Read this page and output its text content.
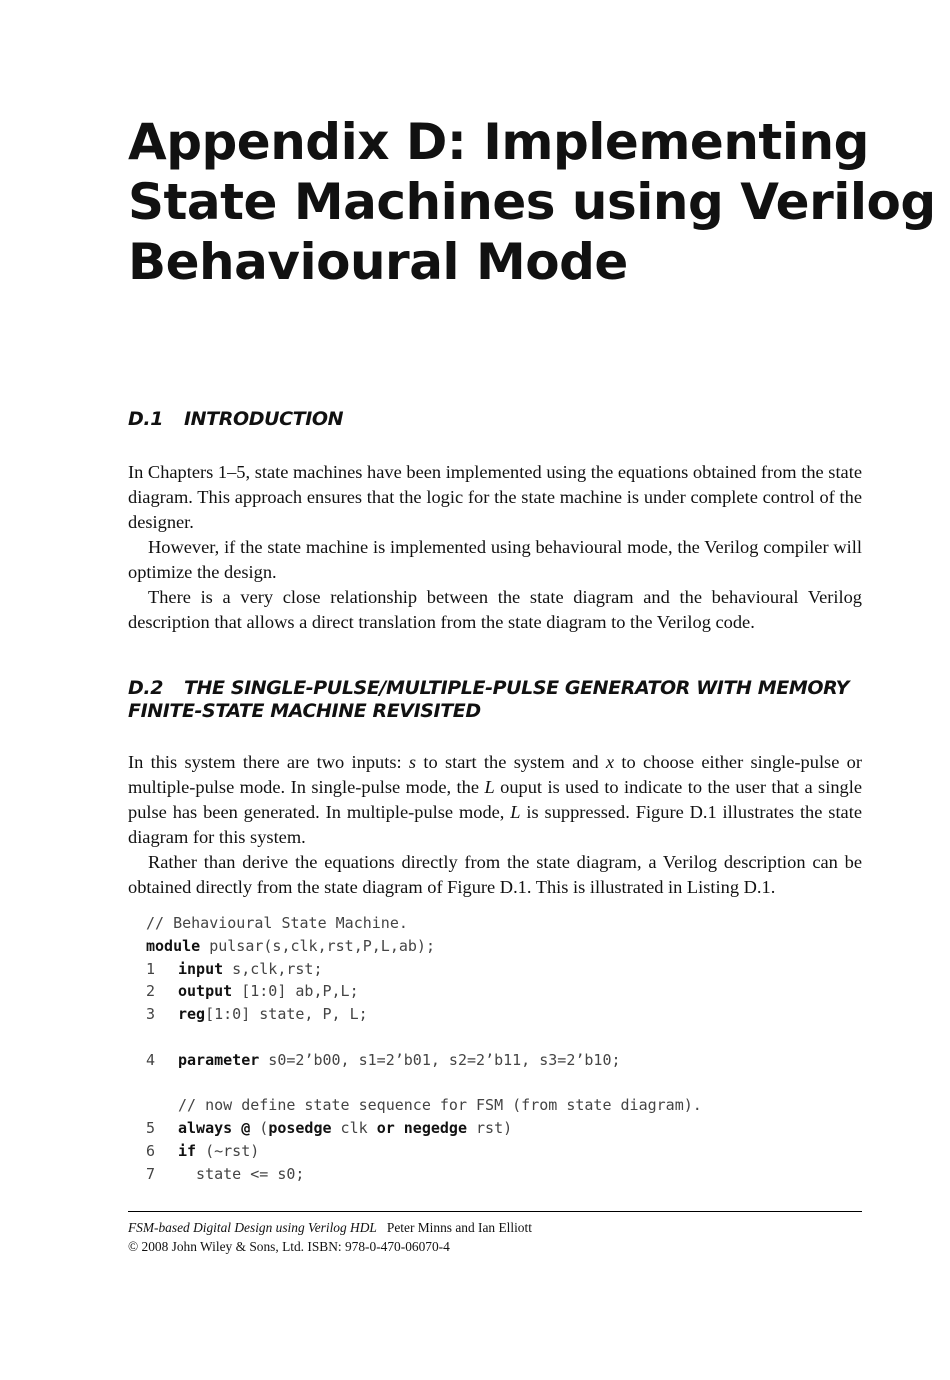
Appendix D: Implementing
State Machines using Verilog
Behavioural Mode
D.1 INTRODUCTION

In Chapters 1–5, state machines have been implemented using the equations obtained from the state diagram. This approach ensures that the logic for the state machine is under complete control of the designer.

However, if the state machine is implemented using behavioural mode, the Verilog compiler will optimize the design.

There is a very close relationship between the state diagram and the behavioural Verilog description that allows a direct translation from the state diagram to the Verilog code.

D.2 THE SINGLE-PULSE/MULTIPLE-PULSE GENERATOR WITH MEMORY
FINITE-STATE MACHINE REVISITED

In this system there are two inputs: s to start the system and x to choose either single-pulse or multiple-pulse mode. In single-pulse mode, the L ouput is used to indicate to the user that a single pulse has been generated. In multiple-pulse mode, L is suppressed. Figure D.1 illustrates the state diagram for this system.

Rather than derive the equations directly from the state diagram, a Verilog description can be obtained directly from the state diagram of Figure D.1. This is illustrated in Listing D.1.

// Behavioural State Machine.
module pulsar(s,clk,rst,P,L,ab);
1 input s,clk,rst;
2 output [1:0] ab,P,L;
3 reg[1:0] state, P, L;
4 parameter s0=2’b00, s1=2’b01, s2=2’b11, s3=2’b10;
// now define state sequence for FSM (from state diagram).
5 always @ (posedge clk or negedge rst)
6 if (~rst)
7  state <= s0;
FSM-based Digital Design using Verilog HDL Peter Minns and Ian Elliott
© 2008 John Wiley & Sons, Ltd. ISBN: 978-0-470-06070-4
